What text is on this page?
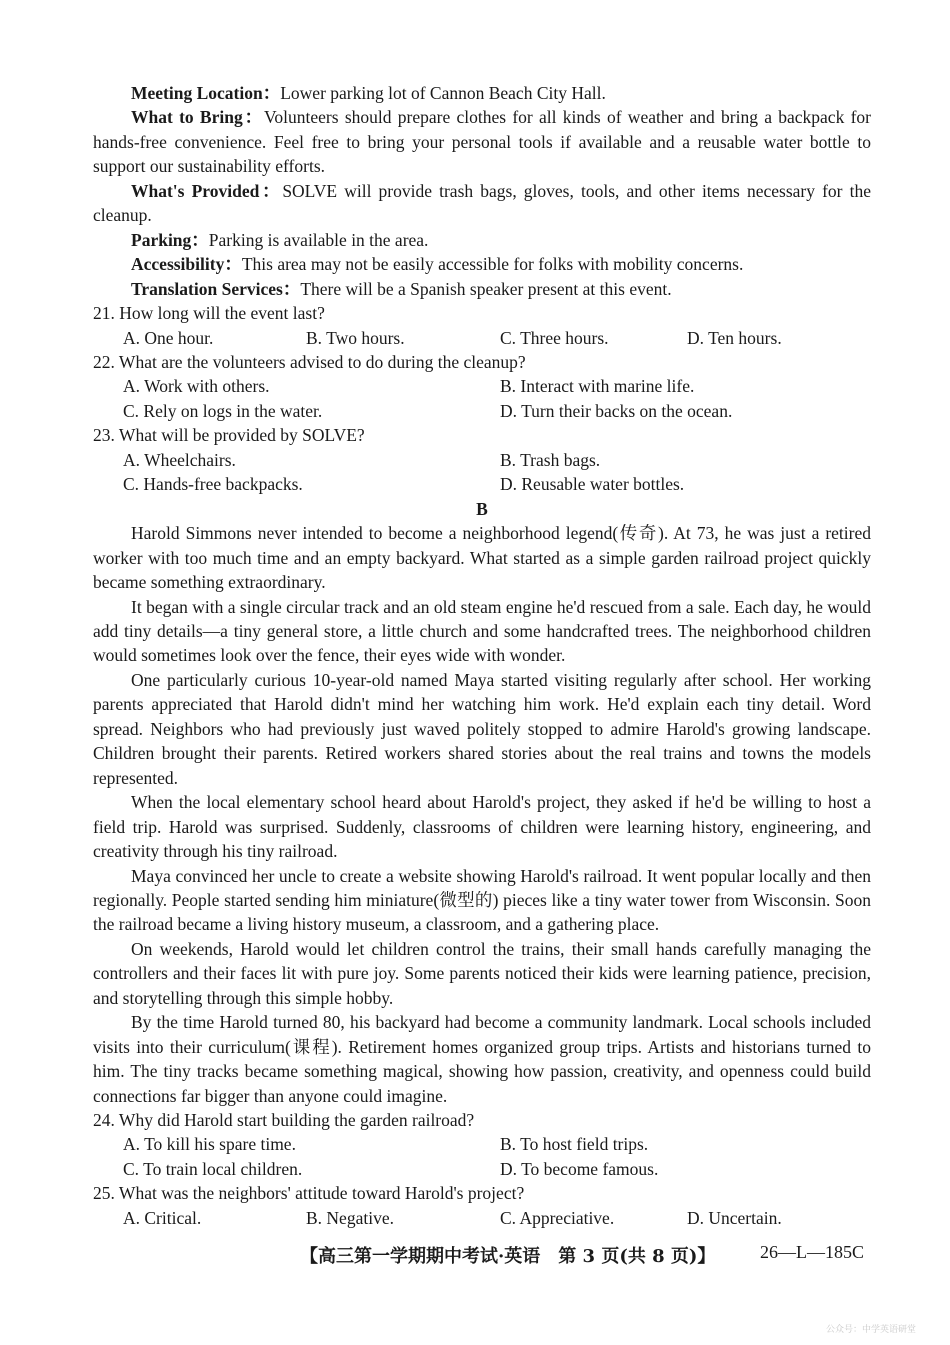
Meeting Location：Lower parking lot of Cannon Beach City Hall.

What to Bring：Volunteers should prepare clothes for all kinds of weather and bring a backpack for hands-free convenience. Feel free to bring your personal tools if available and a reusable water bottle to support our sustainability efforts.

What's Provided：SOLVE will provide trash bags, gloves, tools, and other items necessary for the cleanup.

Parking：Parking is available in the area.

Accessibility：This area may not be easily accessible for folks with mobility concerns.

Translation Services：There will be a Spanish speaker present at this event.

21. How long will the event last?

A. One hour.	B. Two hours.	C. Three hours.	D. Ten hours.

22. What are the volunteers advised to do during the cleanup?

A. Work with others.	B. Interact with marine life.
C. Rely on logs in the water.	D. Turn their backs on the ocean.

23. What will be provided by SOLVE?

A. Wheelchairs.	B. Trash bags.
C. Hands-free backpacks.	D. Reusable water bottles.

B

Harold Simmons never intended to become a neighborhood legend(传奇). At 73, he was just a retired worker with too much time and an empty backyard. What started as a simple garden railroad project quickly became something extraordinary.

It began with a single circular track and an old steam engine he'd rescued from a sale. Each day, he would add tiny details—a tiny general store, a little church and some handcrafted trees. The neighborhood children would sometimes look over the fence, their eyes wide with wonder.

One particularly curious 10-year-old named Maya started visiting regularly after school. Her working parents appreciated that Harold didn't mind her watching him work. He'd explain each tiny detail. Word spread. Neighbors who had previously just waved politely stopped to admire Harold's growing landscape. Children brought their parents. Retired workers shared stories about the real trains and towns the models represented.

When the local elementary school heard about Harold's project, they asked if he'd be willing to host a field trip. Harold was surprised. Suddenly, classrooms of children were learning history, engineering, and creativity through his tiny railroad.

Maya convinced her uncle to create a website showing Harold's railroad. It went popular locally and then regionally. People started sending him miniature(微型的) pieces like a tiny water tower from Wisconsin. Soon the railroad became a living history museum, a classroom, and a gathering place.

On weekends, Harold would let children control the trains, their small hands carefully managing the controllers and their faces lit with pure joy. Some parents noticed their kids were learning patience, precision, and storytelling through this simple hobby.

By the time Harold turned 80, his backyard had become a community landmark. Local schools included visits into their curriculum(课程). Retirement homes organized group trips. Artists and historians turned to him. The tiny tracks became something magical, showing how passion, creativity, and openness could build connections far bigger than anyone could imagine.

24. Why did Harold start building the garden railroad?

A. To kill his spare time.	B. To host field trips.
C. To train local children.	D. To become famous.

25. What was the neighbors' attitude toward Harold's project?

A. Critical.	B. Negative.	C. Appreciative.	D. Uncertain.
【高三第一学期期中考试·英语　第 3 页(共 8 页)】 26—L—185C
公众号：中学英语研堂
